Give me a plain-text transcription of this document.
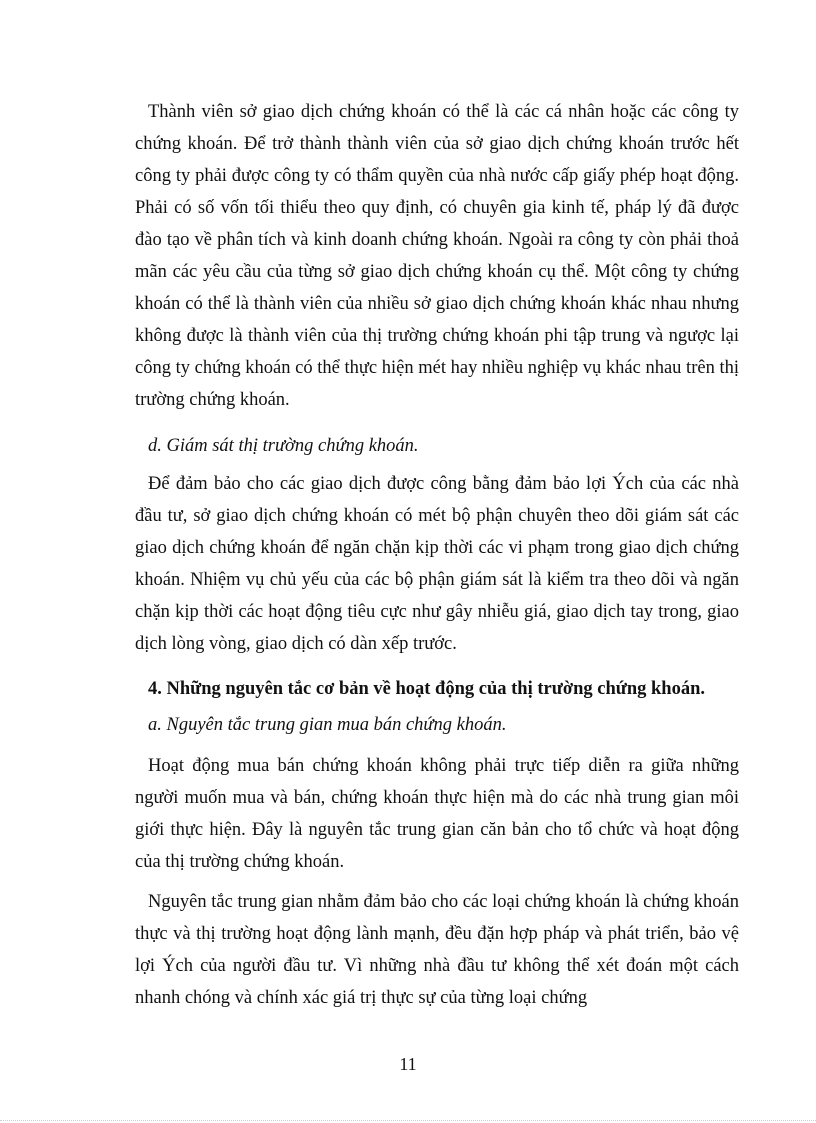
Thành viên sở giao dịch chứng khoán có thể là các cá nhân hoặc các công ty chứng khoán. Để trở thành thành viên của sở giao dịch chứng khoán trước hết công ty phải được công ty có thẩm quyền của nhà nước cấp giấy phép hoạt động. Phải có số vốn tối thiểu theo quy định, có chuyên gia kinh tế, pháp lý đã được đào tạo về phân tích và kinh doanh chứng khoán. Ngoài ra công ty còn phải thoả mãn các yêu cầu của từng sở giao dịch chứng khoán cụ thể. Một công ty chứng khoán có thể là thành viên của nhiều sở giao dịch chứng khoán khác nhau nhưng không được là thành viên của thị trường chứng khoán phi tập trung và ngược lại công ty chứng khoán có thể thực hiện mét hay nhiều nghiệp vụ khác nhau trên thị trường chứng khoán.

d. Giám sát thị trường chứng khoán.

Để đảm bảo cho các giao dịch được công bằng đảm bảo lợi Ých của các nhà đầu tư, sở giao dịch chứng khoán có mét bộ phận chuyên theo dõi giám sát các giao dịch chứng khoán để ngăn chặn kịp thời các vi phạm trong giao dịch chứng khoán. Nhiệm vụ chủ yếu của các bộ phận giám sát là kiểm tra theo dõi và ngăn chặn kịp thời các hoạt động tiêu cực như gây nhiễu giá, giao dịch tay trong, giao dịch lòng vòng, giao dịch có dàn xếp trước.

4. Những nguyên tắc cơ bản về hoạt động của thị trường chứng khoán.

a. Nguyên tắc trung gian mua bán chứng khoán.

Hoạt động mua bán chứng khoán không phải trực tiếp diễn ra giữa những người muốn mua và bán, chứng khoán thực hiện mà do các nhà trung gian môi giới thực hiện. Đây là nguyên tắc trung gian căn bản cho tổ chức và hoạt động của thị trường chứng khoán.

Nguyên tắc trung gian nhằm đảm bảo cho các loại chứng khoán là chứng khoán thực và thị trường hoạt động lành mạnh, đều đặn hợp pháp và phát triển, bảo vệ lợi Ých của người đầu tư. Vì những nhà đầu tư không thể xét đoán một cách nhanh chóng và chính xác giá trị thực sự của từng loại chứng

11
